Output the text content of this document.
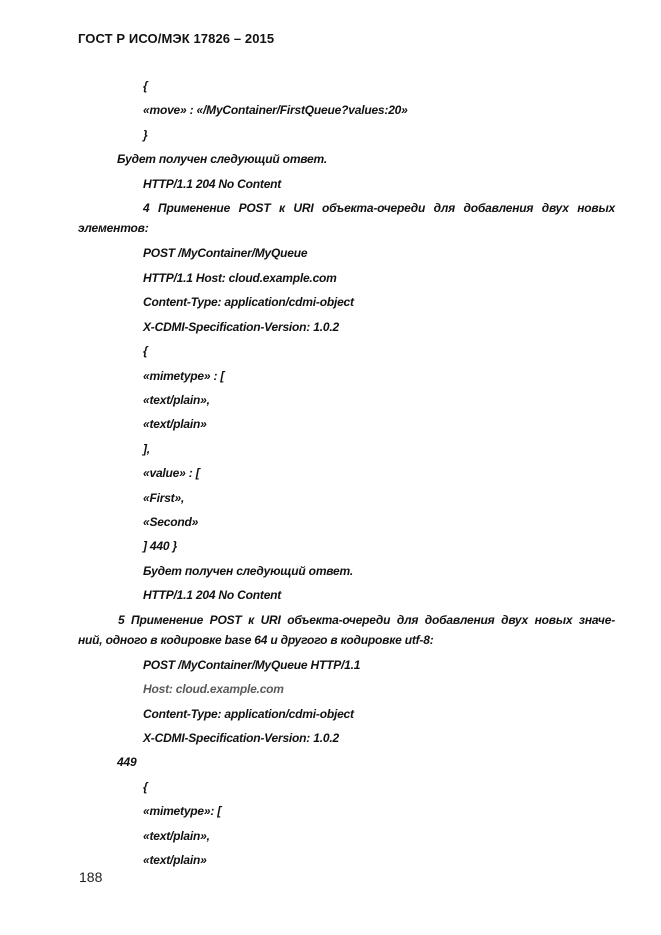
ГОСТ Р ИСО/МЭК 17826 – 2015
{
«move» : «/MyContainer/FirstQueue?values:20»
}
Будет получен следующий ответ.
HTTP/1.1 204 No Content
4 Применение POST к URI объекта-очереди для добавления двух новых
элементов:
POST /MyContainer/MyQueue
HTTP/1.1 Host: cloud.example.com
Content-Type: application/cdmi-object
X-CDMI-Specification-Version: 1.0.2
{
«mimetype» : [
«text/plain»,
«text/plain»
],
«value» : [
«First»,
«Second»
] 440 }
Будет получен следующий ответ.
HTTP/1.1 204 No Content
5 Применение POST к URI объекта-очереди для добавления двух новых значе-
ний, одного в кодировке base 64 и другого в кодировке utf-8:
POST /MyContainer/MyQueue HTTP/1.1
Host: cloud.example.com
Content-Type: application/cdmi-object
X-CDMI-Specification-Version: 1.0.2
449
{
«mimetype»: [
«text/plain»,
«text/plain»
188
